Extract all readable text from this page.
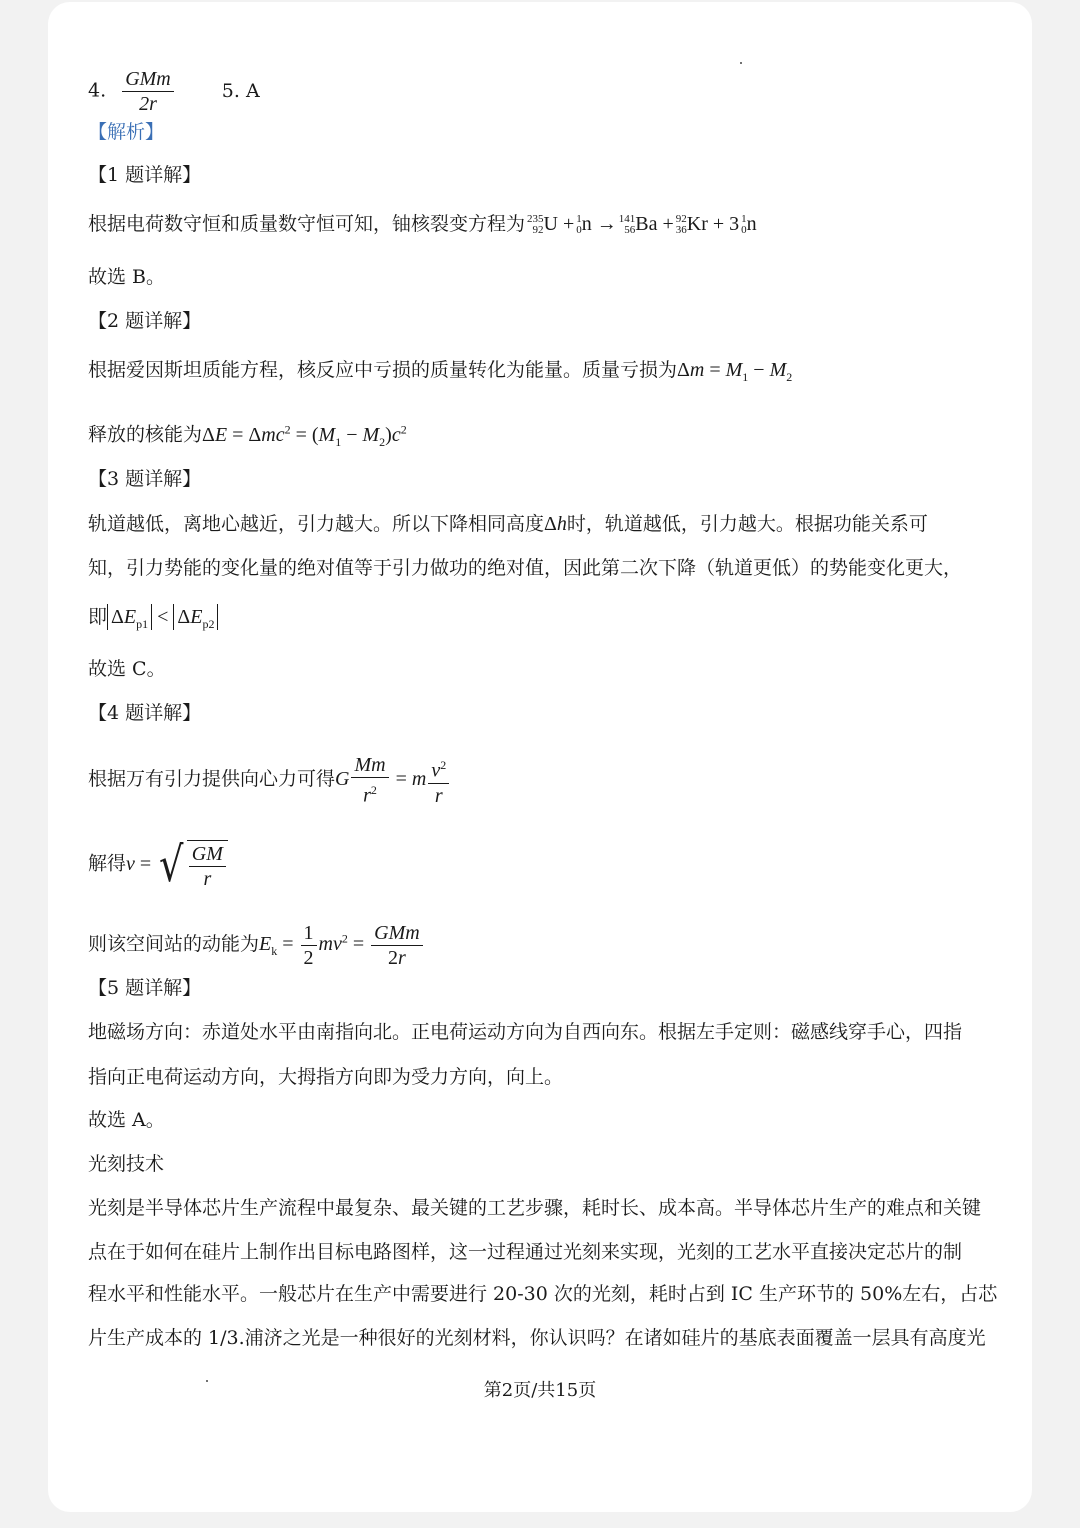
4. $\frac{\text{GMm}}{2r}$	5. A
【解析】
【1 题详解】
根据电荷数守恒和质量数守恒可知，铀核裂变方程为 235
92 U + 1
0 n → 141
56 Ba + 92
36 Kr + 3 1
0 n
故选 B。
【2 题详解】
根据爱因斯坦质能方程，核反应中亏损的质量转化为能量。质量亏损为$\Delta m = M_1 - M_2$
释放的核能为$\Delta E = \Delta mc^2 = (M_1 - M_2)c^2$
【3 题详解】
轨道越低，离地心越近，引力越大。所以下降相同高度Δh时，轨道越低，引力越大。根据功能关系可
知，引力势能的变化量的绝对值等于引力做功的绝对值，因此第二次下降（轨道更低）的势能变化更大，
即 $\Delta E_{p1} < \Delta E_{p2}$
故选 C。
【4 题详解】
根据万有引力提供向心力可得G $\frac{Mm}{r^2} = m \frac{v^2}{r}$
解得v = √ $\frac{GM}{r}$
则该空间站的动能为$E_k = \frac{1}{2} mv^2 = \frac{\text{GMm}}{2r}$
【5 题详解】
地磁场方向：赤道处水平由南指向北。正电荷运动方向为自西向东。根据左手定则：磁感线穿手心，四指
指向正电荷运动方向，大拇指方向即为受力方向，向上。
故选 A。
光刻技术
光刻是半导体芯片生产流程中最复杂、最关键的工艺步骤，耗时长、成本高。半导体芯片生产的难点和关键
点在于如何在硅片上制作出目标电路图样，这一过程通过光刻来实现，光刻的工艺水平直接决定芯片的制
程水平和性能水平。一般芯片在生产中需要进行 20-30 次的光刻，耗时占到 IC 生产环节的 50%左右，占芯
片生产成本的 1/3.浦济之光是一种很好的光刻材料，你认识吗？在诸如硅片的基底表面覆盖一层具有高度光
第2页/共15页
